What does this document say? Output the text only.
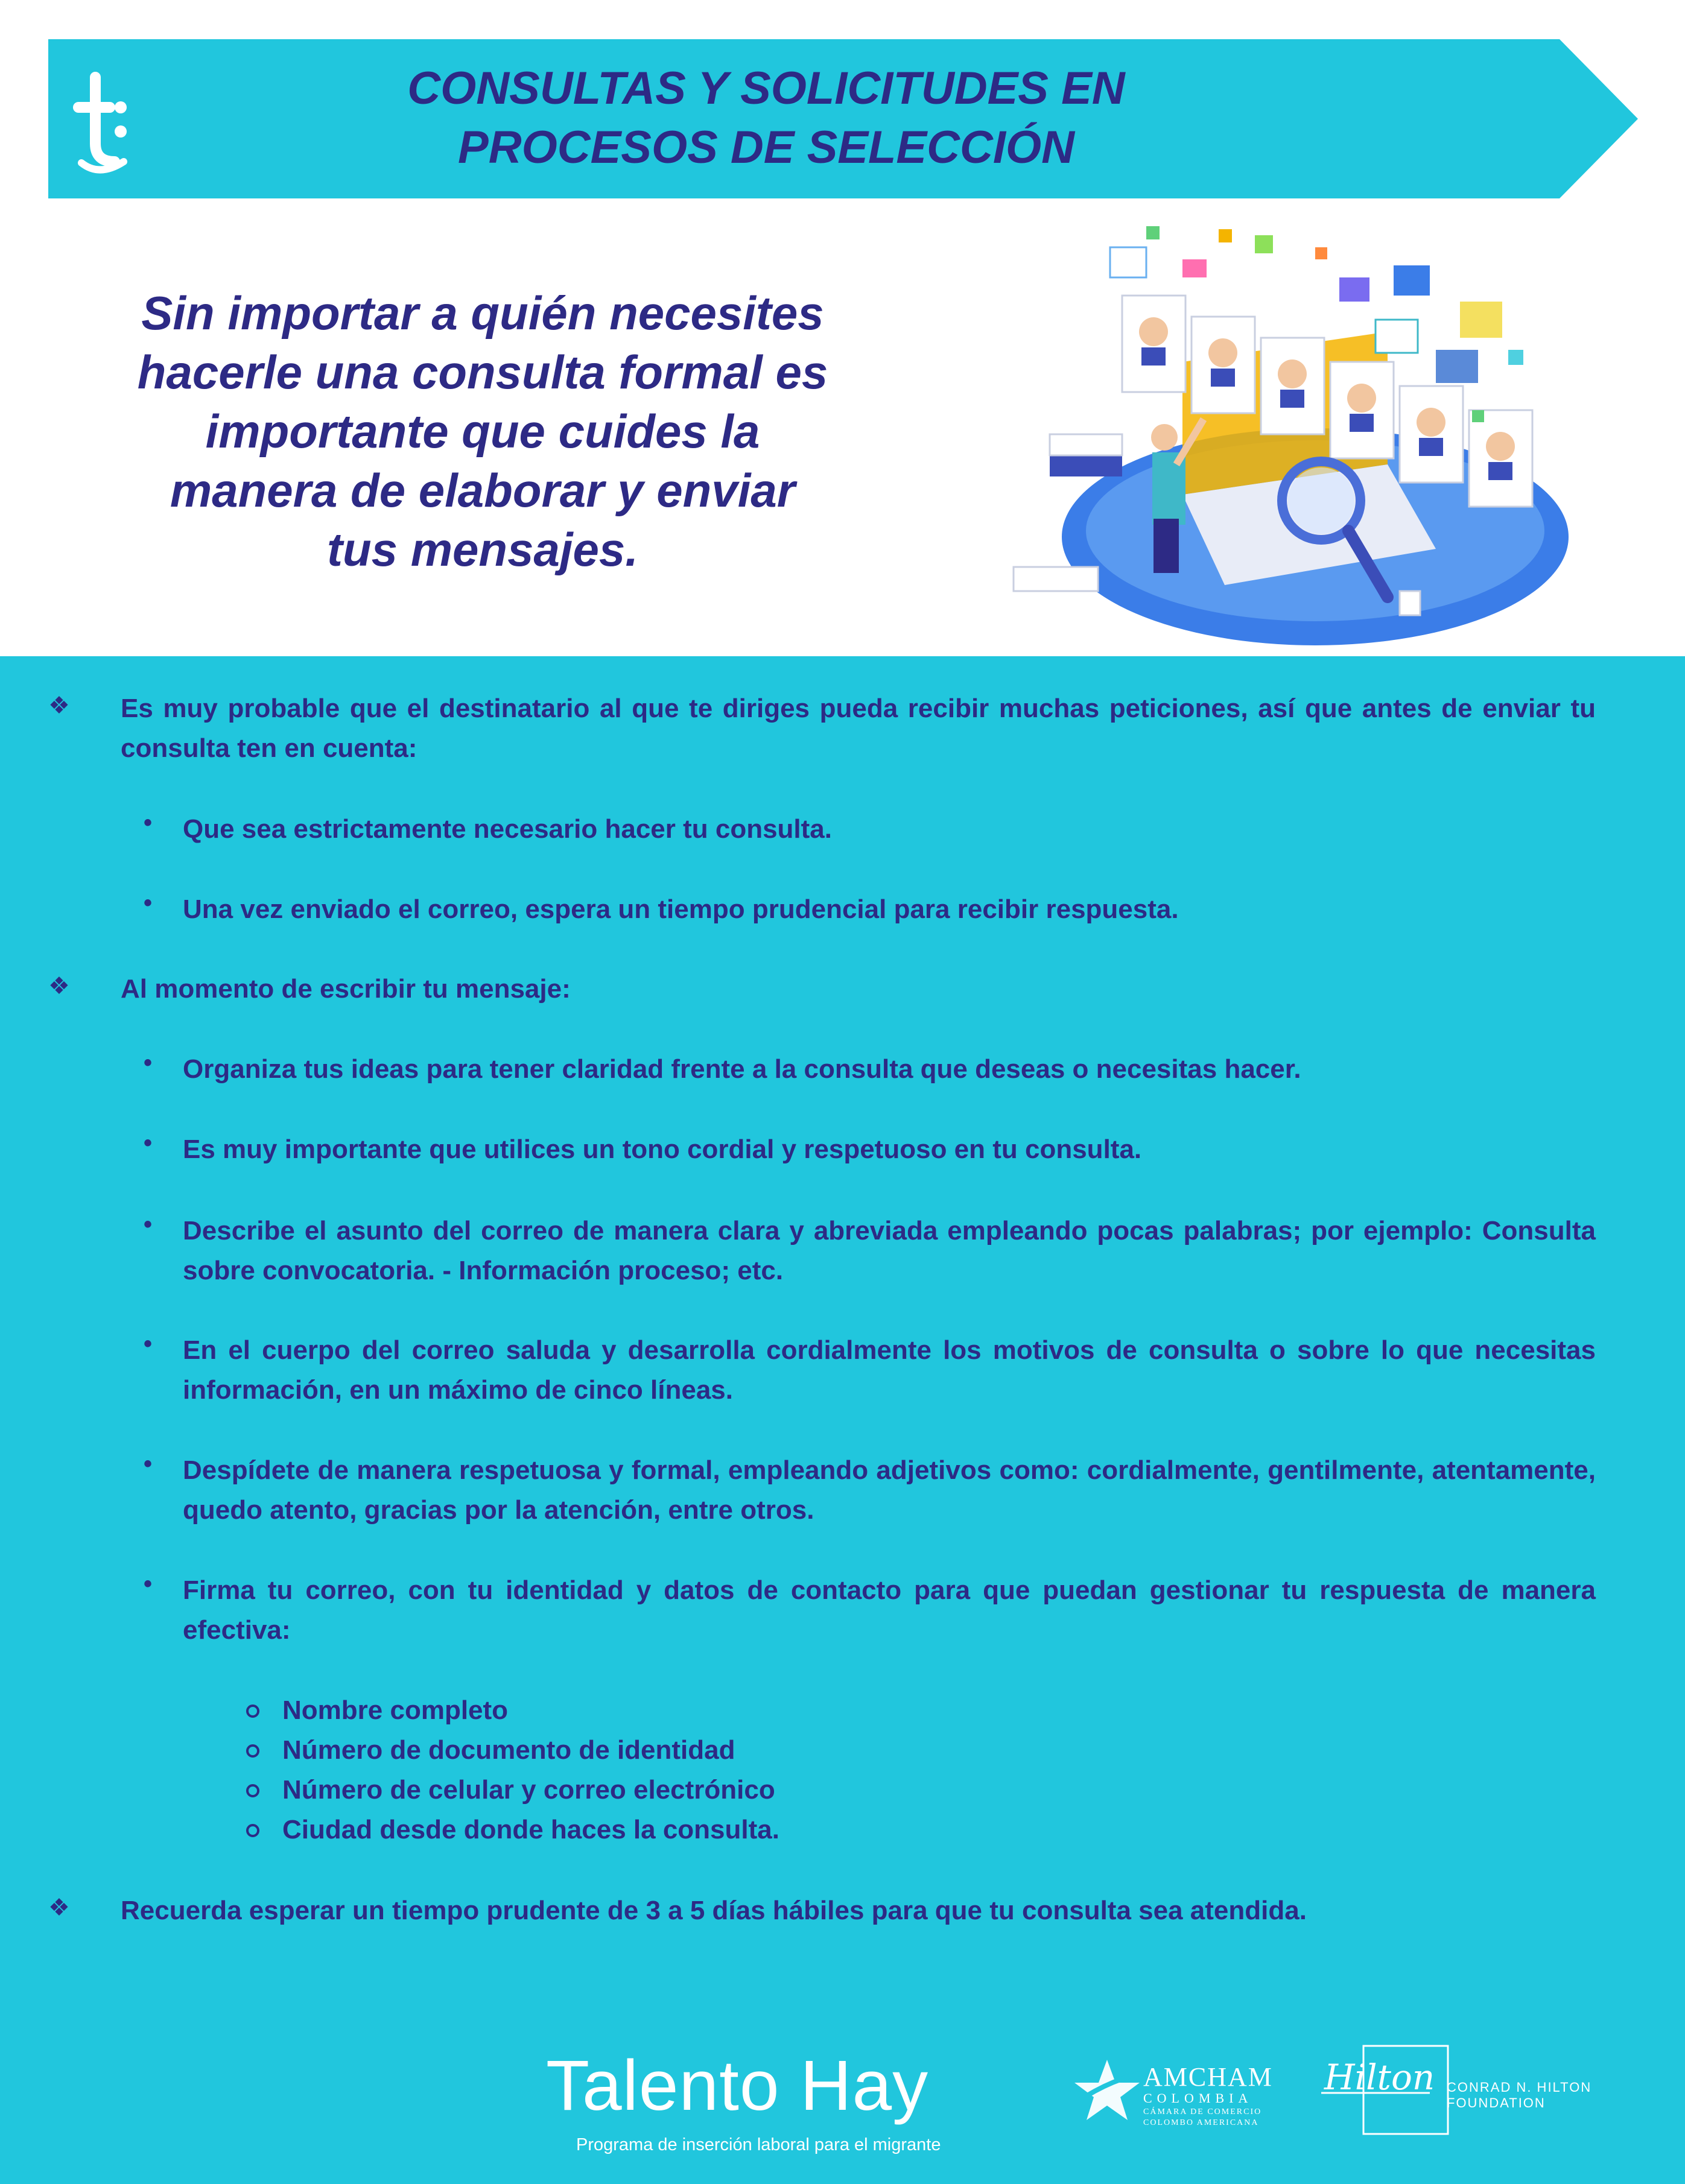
CONSULTAS Y SOLICITUDES EN
PROCESOS DE SELECCIÓN

Sin importar a quién necesites
hacerle una consulta formal es
importante que cuides la
manera de elaborar y enviar
tus mensajes.

❖ Es muy probable que el destinatario al que te diriges pueda recibir muchas peticiones, así que antes de enviar tu consulta ten en cuenta:
• Que sea estrictamente necesario hacer tu consulta.
• Una vez enviado el correo, espera un tiempo prudencial para recibir respuesta.
❖ Al momento de escribir tu mensaje:
• Organiza tus ideas para tener claridad frente a la consulta que deseas o necesitas hacer.
• Es muy importante que utilices un tono cordial y respetuoso en tu consulta.
• Describe el asunto del correo de manera clara y abreviada empleando pocas palabras; por ejemplo: Consulta sobre convocatoria. - Información proceso; etc.
• En el cuerpo del correo saluda y desarrolla cordialmente los motivos de consulta o sobre lo que necesitas información, en un máximo de cinco líneas.
• Despídete de manera respetuosa y formal, empleando adjetivos como: cordialmente, gentilmente, atentamente, quedo atento, gracias por la atención, entre otros.
• Firma tu correo, con tu identidad y datos de contacto para que puedan gestionar tu respuesta de manera efectiva:
Nombre completo
Número de documento de identidad
Número de celular y correo electrónico
Ciudad desde donde haces la consulta.
❖ Recuerda esperar un tiempo prudente de 3 a 5 días hábiles para que tu consulta sea atendida.
Talento Hay
Programa de inserción laboral para el migrante
AMCHAM
COLOMBIA
CÁMARA DE COMERCIO
COLOMBO AMERICANA
Hilton CONRAD N. HILTON
FOUNDATION
